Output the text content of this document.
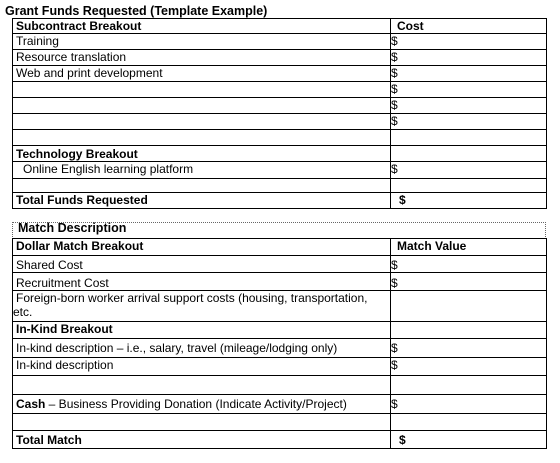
Grant Funds Requested (Template Example)
Subcontract Breakout	Cost
Training	$
Resource translation	$
Web and print development	$
	$
	$
	$

Technology Breakout	
Online English learning platform	$

Total Funds Requested	$
Match Description
Dollar Match Breakout	Match Value
Shared Cost	$
Recruitment Cost	$
Foreign-born worker arrival support costs (housing, transportation, etc.	
In-Kind Breakout	
In-kind description – i.e., salary, travel (mileage/lodging only)	$
In-kind description	$

Cash – Business Providing Donation (Indicate Activity/Project)	$

Total Match	$
